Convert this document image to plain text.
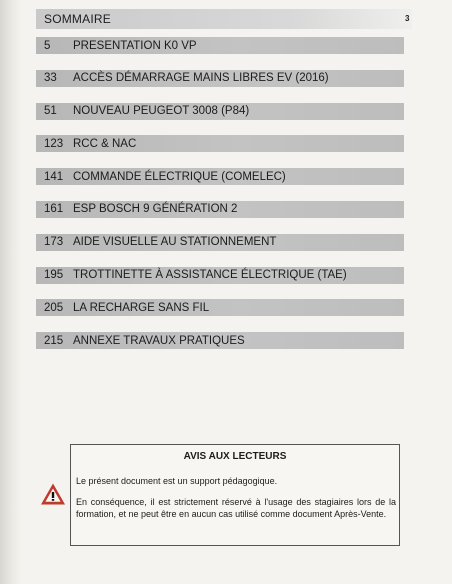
SOMMAIRE	3
5	PRESENTATION K0 VP
33	ACCÈS DÉMARRAGE MAINS LIBRES EV (2016)
51	NOUVEAU PEUGEOT 3008 (P84)
123 RCC & NAC
141 COMMANDE ÉLECTRIQUE (COMELEC)
161 ESP BOSCH 9 GÉNÉRATION 2
173 AIDE VISUELLE AU STATIONNEMENT
195 TROTTINETTE À ASSISTANCE ÉLECTRIQUE (TAE)
205 LA RECHARGE SANS FIL
215 ANNEXE TRAVAUX PRATIQUES
AVIS AUX LECTEURS
Le présent document est un support pédagogique.
En conséquence, il est strictement réservé à l'usage des stagiaires lors de la formation, et ne peut être en aucun cas utilisé comme document Après-Vente.
